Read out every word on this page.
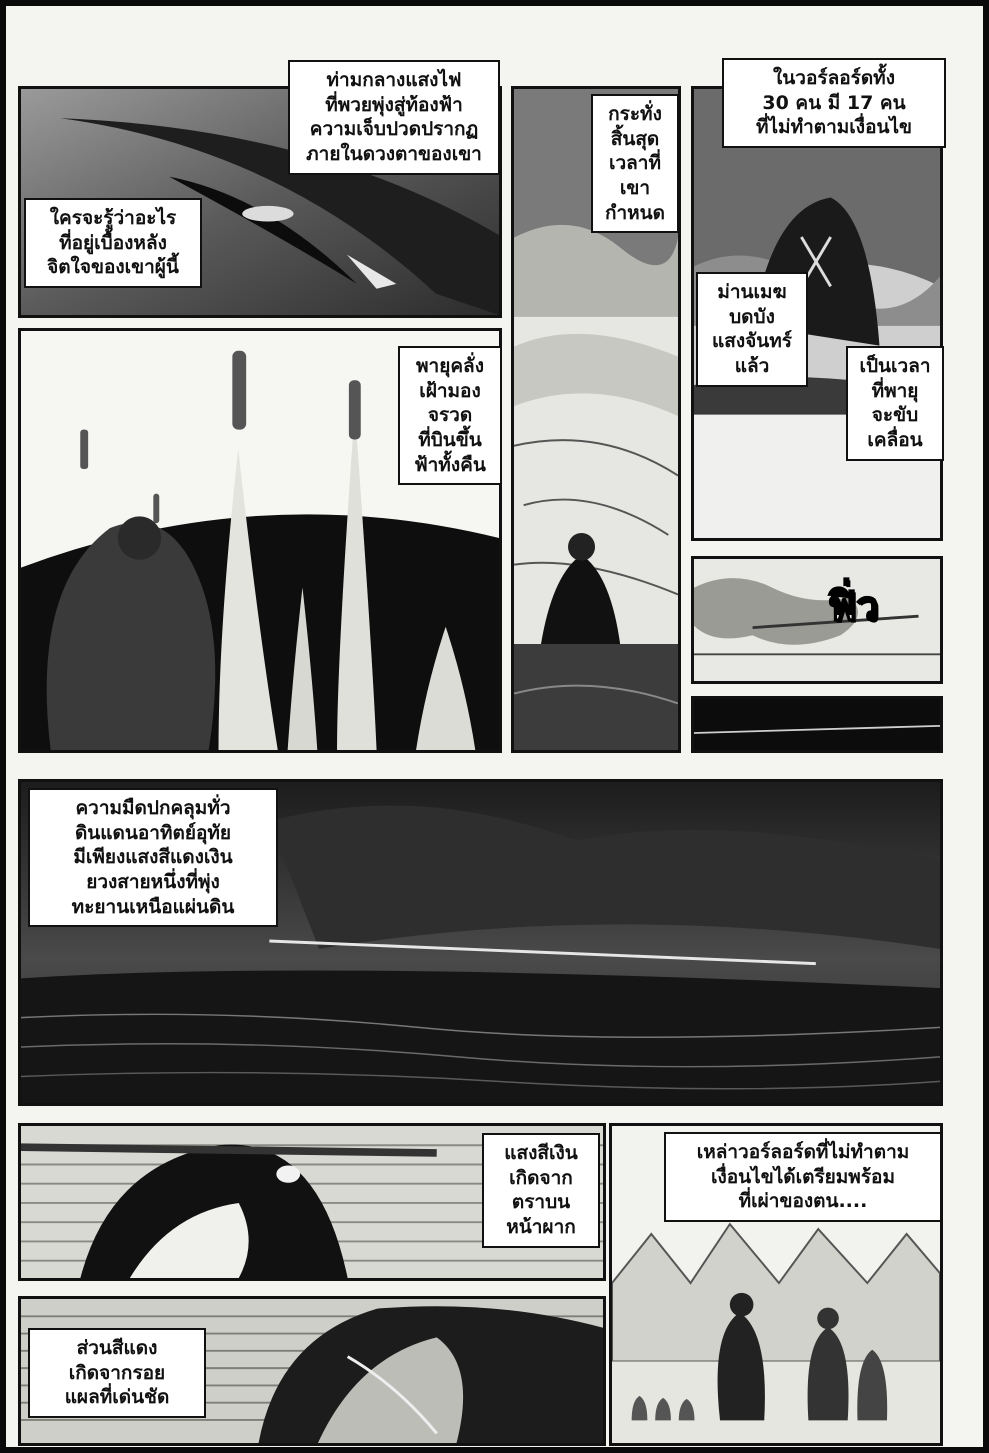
ท่ามกลางแสงไฟ
ที่พวยพุ่งสู่ท้องฟ้า
ความเจ็บปวดปรากฏ
ภายในดวงตาของเขา
ใครจะรู้ว่าอะไร
ที่อยู่เบื้องหลัง
จิตใจของเขาผู้นี้
กระทั่ง
สิ้นสุด
เวลาที่
เขา
กำหนด
ในวอร์ลอร์ดทั้ง
30 คน มี 17 คน
ที่ไม่ทำตามเงื่อนไข
ม่านเมฆ
บดบัง
แสงจันทร์
แล้ว	เป็นเวลา
ที่พายุ
จะขับ
เคลื่อน
พายุคลั่ง
เฝ้ามอง
จรวด
ที่บินขึ้น
ฟ้าทั้งคืน
ฟิ่ว
ความมืดปกคลุมทั่ว
ดินแดนอาทิตย์อุทัย
มีเพียงแสงสีแดงเงิน
ยวงสายหนึ่งที่พุ่ง
ทะยานเหนือแผ่นดิน
แสงสีเงิน
เกิดจาก
ตราบน
หน้าผาก
ส่วนสีแดง
เกิดจากรอย
แผลที่เด่นชัด
เหล่าวอร์ลอร์ดที่ไม่ทำตาม
เงื่อนไขได้เตรียมพร้อม
ที่เผ่าของตน....
